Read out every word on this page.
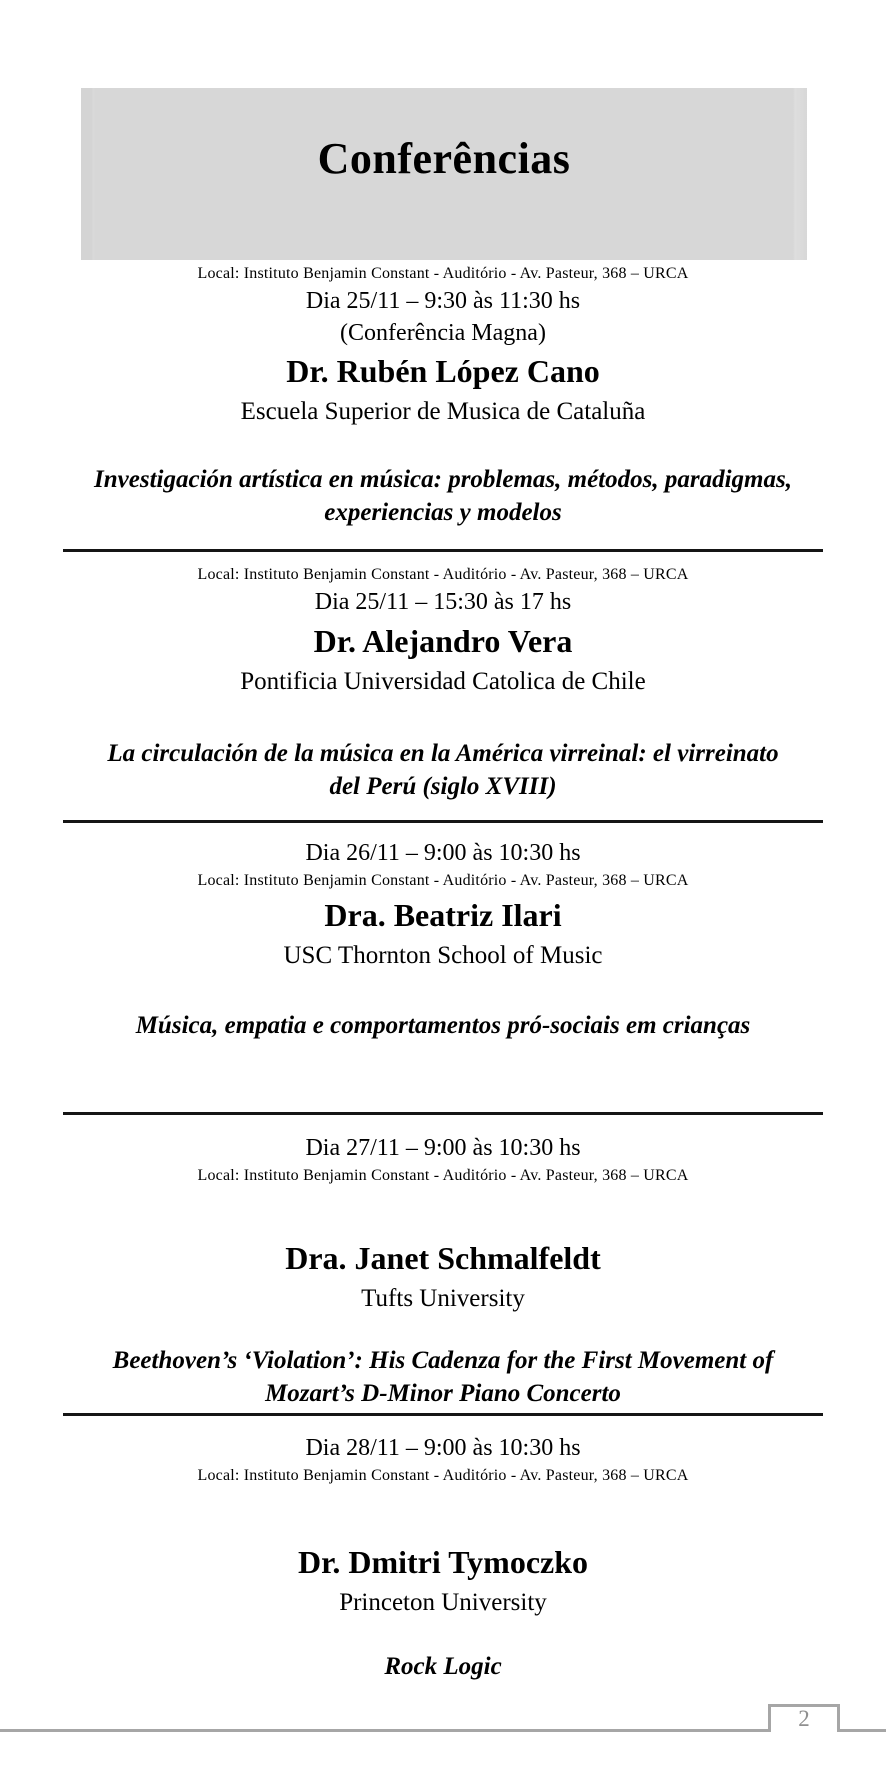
Conferências
Local: Instituto Benjamin Constant - Auditório - Av. Pasteur, 368 – URCA
Dia 25/11 – 9:30 às 11:30 hs
(Conferência Magna)
Dr. Rubén López Cano
Escuela Superior de Musica de Cataluña
Investigación artística en música: problemas, métodos, paradigmas, experiencias y modelos
Local: Instituto Benjamin Constant - Auditório - Av. Pasteur, 368 – URCA
Dia 25/11 – 15:30 às 17 hs
Dr. Alejandro Vera
Pontificia Universidad Catolica de Chile
La circulación de la música en la América virreinal: el virreinato del Perú (siglo XVIII)
Dia 26/11 – 9:00 às 10:30 hs
Local: Instituto Benjamin Constant - Auditório - Av. Pasteur, 368 – URCA
Dra. Beatriz Ilari
USC Thornton School of Music
Música, empatia e comportamentos pró-sociais em crianças
Dia 27/11 – 9:00 às 10:30 hs
Local: Instituto Benjamin Constant - Auditório - Av. Pasteur, 368 – URCA
Dra. Janet Schmalfeldt
Tufts University
Beethoven’s ‘Violation’: His Cadenza for the First Movement of Mozart’s D-Minor Piano Concerto
Dia 28/11 – 9:00 às 10:30 hs
Local: Instituto Benjamin Constant - Auditório - Av. Pasteur, 368 – URCA
Dr. Dmitri Tymoczko
Princeton University
Rock Logic
2
